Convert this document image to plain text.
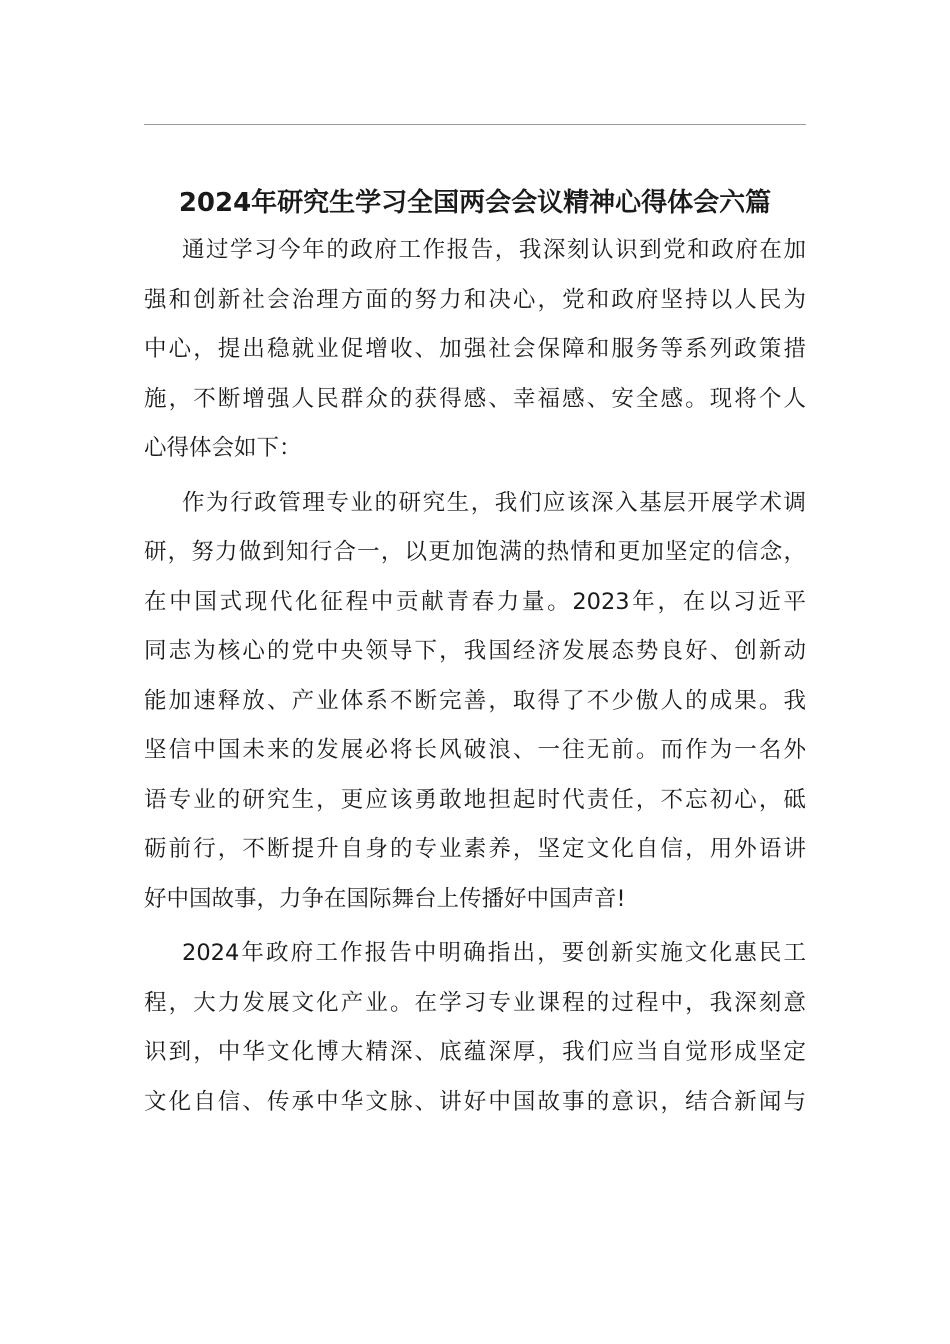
2024年研究生学习全国两会会议精神心得体会六篇
通过学习今年的政府工作报告，我深刻认识到党和政府在加
强和创新社会治理方面的努力和决心，党和政府坚持以人民为
中心，提出稳就业促增收、加强社会保障和服务等系列政策措
施，不断增强人民群众的获得感、幸福感、安全感。现将个人
心得体会如下：
作为行政管理专业的研究生，我们应该深入基层开展学术调
研，努力做到知行合一，以更加饱满的热情和更加坚定的信念，
在中国式现代化征程中贡献青春力量。2023年，在以习近平
同志为核心的党中央领导下，我国经济发展态势良好、创新动
能加速释放、产业体系不断完善，取得了不少傲人的成果。我
坚信中国未来的发展必将长风破浪、一往无前。而作为一名外
语专业的研究生，更应该勇敢地担起时代责任，不忘初心，砥
砺前行，不断提升自身的专业素养，坚定文化自信，用外语讲
好中国故事，力争在国际舞台上传播好中国声音!
2024年政府工作报告中明确指出，要创新实施文化惠民工
程，大力发展文化产业。在学习专业课程的过程中，我深刻意
识到，中华文化博大精深、底蕴深厚，我们应当自觉形成坚定
文化自信、传承中华文脉、讲好中国故事的意识，结合新闻与
